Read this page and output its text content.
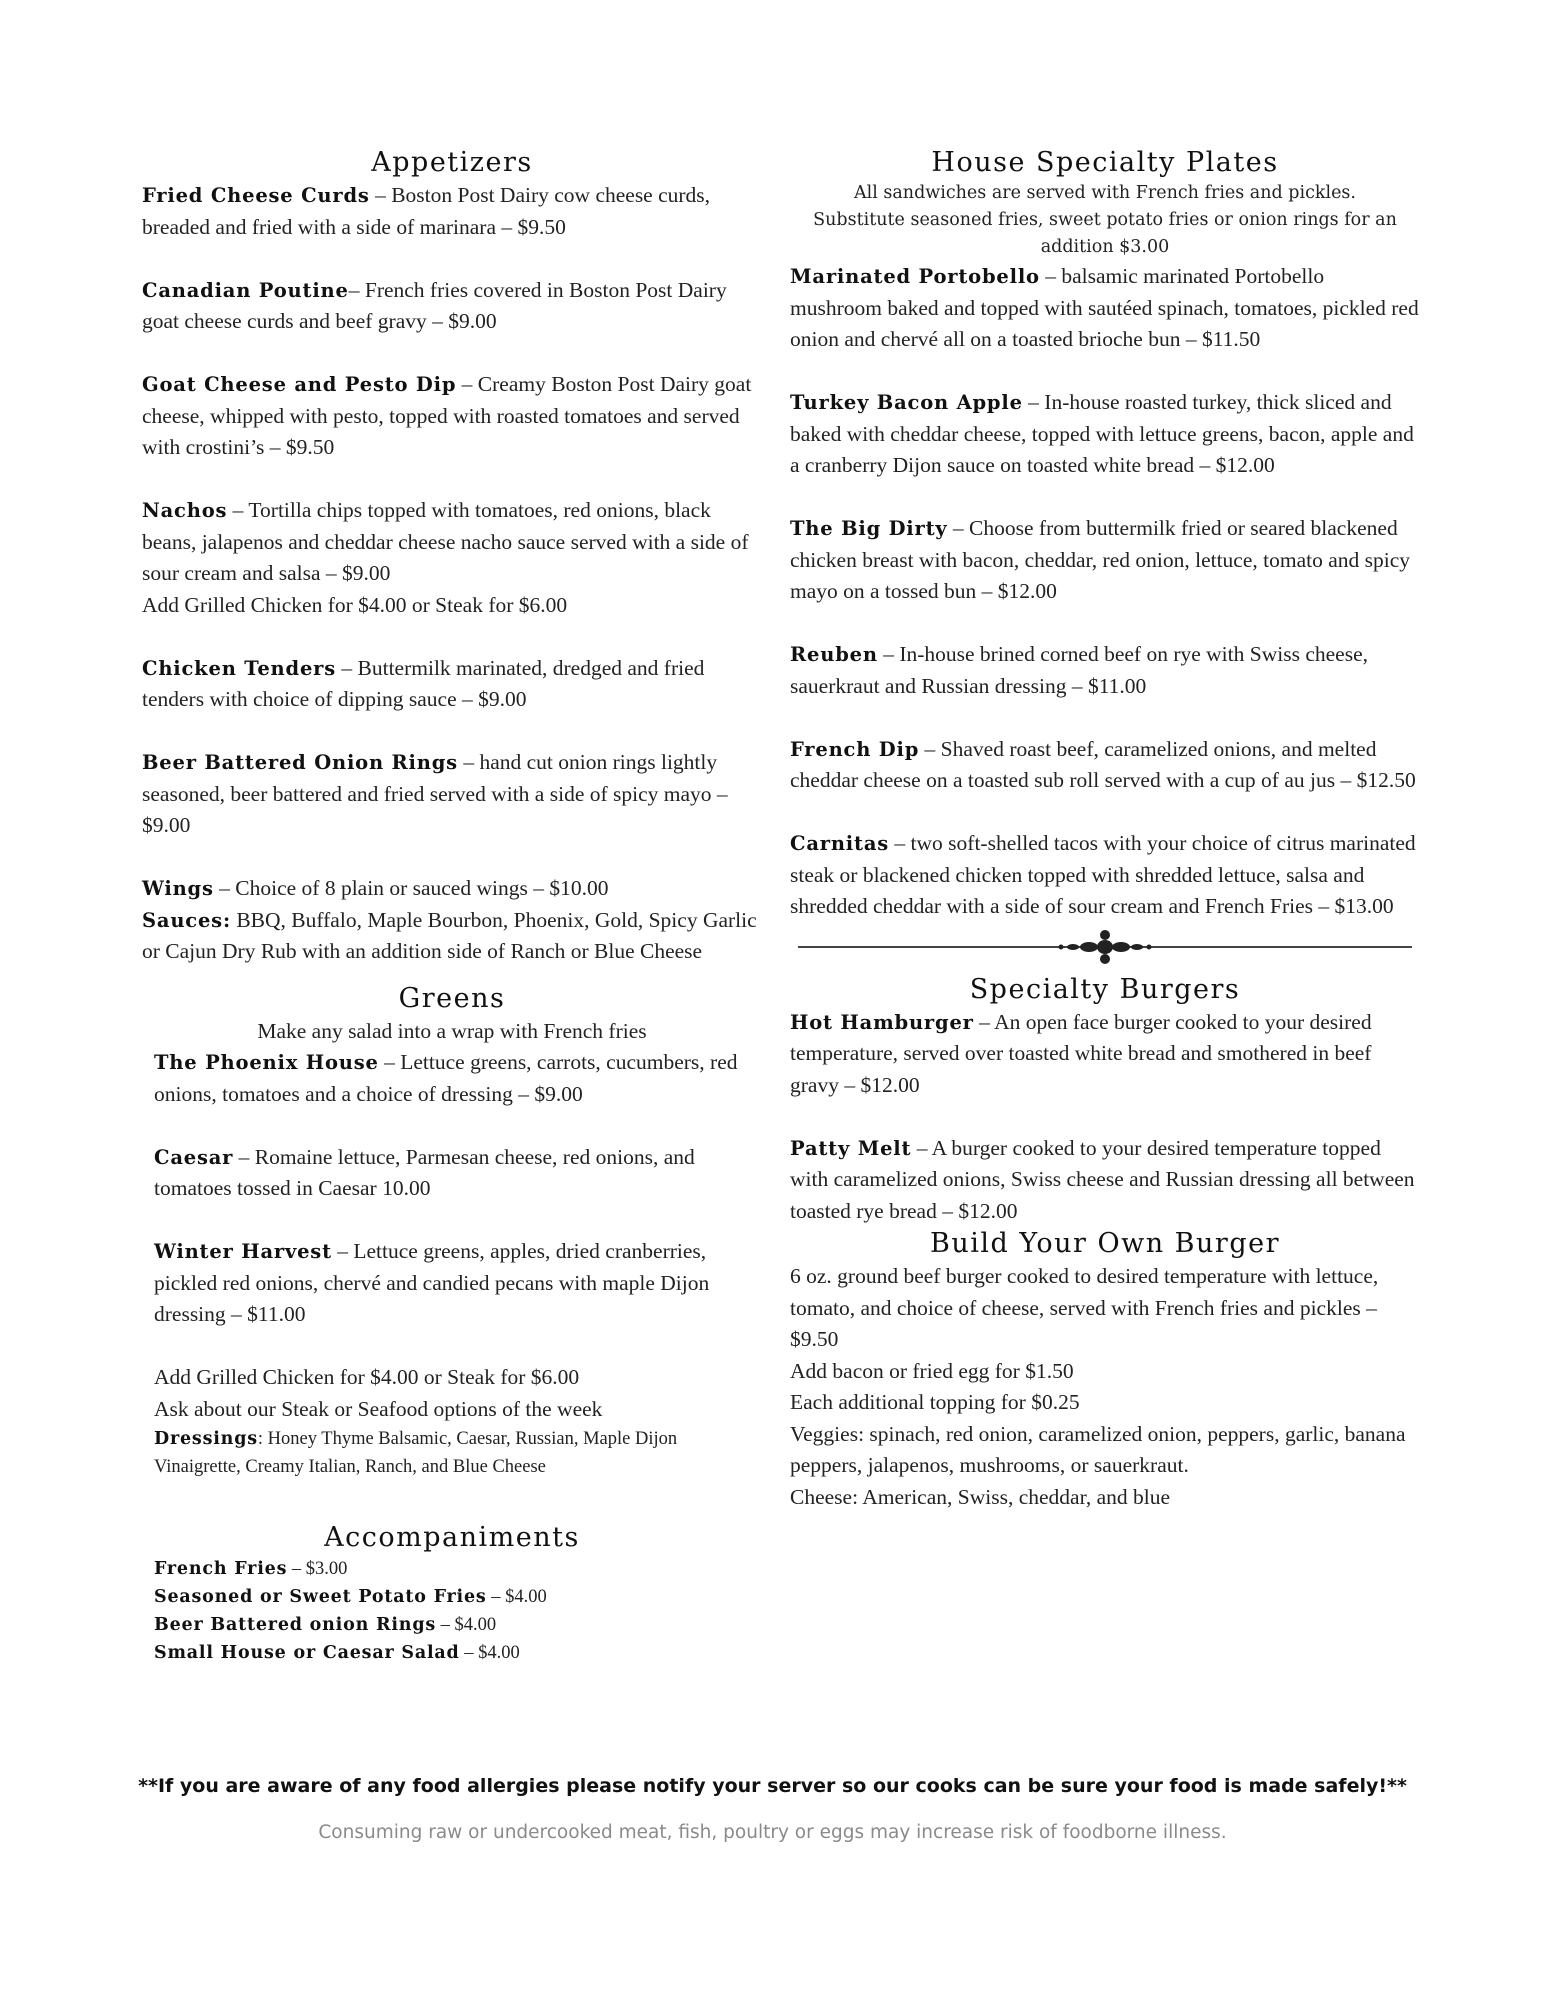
Appetizers
Fried Cheese Curds – Boston Post Dairy cow cheese curds, breaded and fried with a side of marinara – $9.50
Canadian Poutine– French fries covered in Boston Post Dairy goat cheese curds and beef gravy – $9.00
Goat Cheese and Pesto Dip – Creamy Boston Post Dairy goat cheese, whipped with pesto, topped with roasted tomatoes and served with crostini’s – $9.50
Nachos – Tortilla chips topped with tomatoes, red onions, black beans, jalapenos and cheddar cheese nacho sauce served with a side of sour cream and salsa – $9.00
Add Grilled Chicken for $4.00 or Steak for $6.00
Chicken Tenders – Buttermilk marinated, dredged and fried tenders with choice of dipping sauce – $9.00
Beer Battered Onion Rings – hand cut onion rings lightly seasoned, beer battered and fried served with a side of spicy mayo – $9.00
Wings – Choice of 8 plain or sauced wings – $10.00
Sauces: BBQ, Buffalo, Maple Bourbon, Phoenix, Gold, Spicy Garlic or Cajun Dry Rub with an addition side of Ranch or Blue Cheese
Greens
Make any salad into a wrap with French fries
The Phoenix House – Lettuce greens, carrots, cucumbers, red onions, tomatoes and a choice of dressing – $9.00
Caesar – Romaine lettuce, Parmesan cheese, red onions, and tomatoes tossed in Caesar 10.00
Winter Harvest – Lettuce greens, apples, dried cranberries, pickled red onions, chervé and candied pecans with maple Dijon dressing – $11.00
Add Grilled Chicken for $4.00 or Steak for $6.00
Ask about our Steak or Seafood options of the week
Dressings: Honey Thyme Balsamic, Caesar, Russian, Maple Dijon Vinaigrette, Creamy Italian, Ranch, and Blue Cheese
Accompaniments
French Fries – $3.00
Seasoned or Sweet Potato Fries – $4.00
Beer Battered onion Rings – $4.00
Small House or Caesar Salad – $4.00
House Specialty Plates
All sandwiches are served with French fries and pickles.
Substitute seasoned fries, sweet potato fries or onion rings for an addition $3.00
Marinated Portobello – balsamic marinated Portobello mushroom baked and topped with sautéed spinach, tomatoes, pickled red onion and chervé all on a toasted brioche bun – $11.50
Turkey Bacon Apple – In-house roasted turkey, thick sliced and baked with cheddar cheese, topped with lettuce greens, bacon, apple and a cranberry Dijon sauce on toasted white bread – $12.00
The Big Dirty – Choose from buttermilk fried or seared blackened chicken breast with bacon, cheddar, red onion, lettuce, tomato and spicy mayo on a tossed bun – $12.00
Reuben – In-house brined corned beef on rye with Swiss cheese, sauerkraut and Russian dressing – $11.00
French Dip – Shaved roast beef, caramelized onions, and melted cheddar cheese on a toasted sub roll served with a cup of au jus – $12.50
Carnitas – two soft-shelled tacos with your choice of citrus marinated steak or blackened chicken topped with shredded lettuce, salsa and shredded cheddar with a side of sour cream and French Fries – $13.00
Specialty Burgers
Hot Hamburger – An open face burger cooked to your desired temperature, served over toasted white bread and smothered in beef gravy – $12.00
Patty Melt – A burger cooked to your desired temperature topped with caramelized onions, Swiss cheese and Russian dressing all between toasted rye bread – $12.00
Build Your Own Burger
6 oz. ground beef burger cooked to desired temperature with lettuce, tomato, and choice of cheese, served with French fries and pickles – $9.50
Add bacon or fried egg for $1.50
Each additional topping for $0.25
Veggies: spinach, red onion, caramelized onion, peppers, garlic, banana peppers, jalapenos, mushrooms, or sauerkraut.
Cheese: American, Swiss, cheddar, and blue
**If you are aware of any food allergies please notify your server so our cooks can be sure your food is made safely!**
Consuming raw or undercooked meat, fish, poultry or eggs may increase risk of foodborne illness.
